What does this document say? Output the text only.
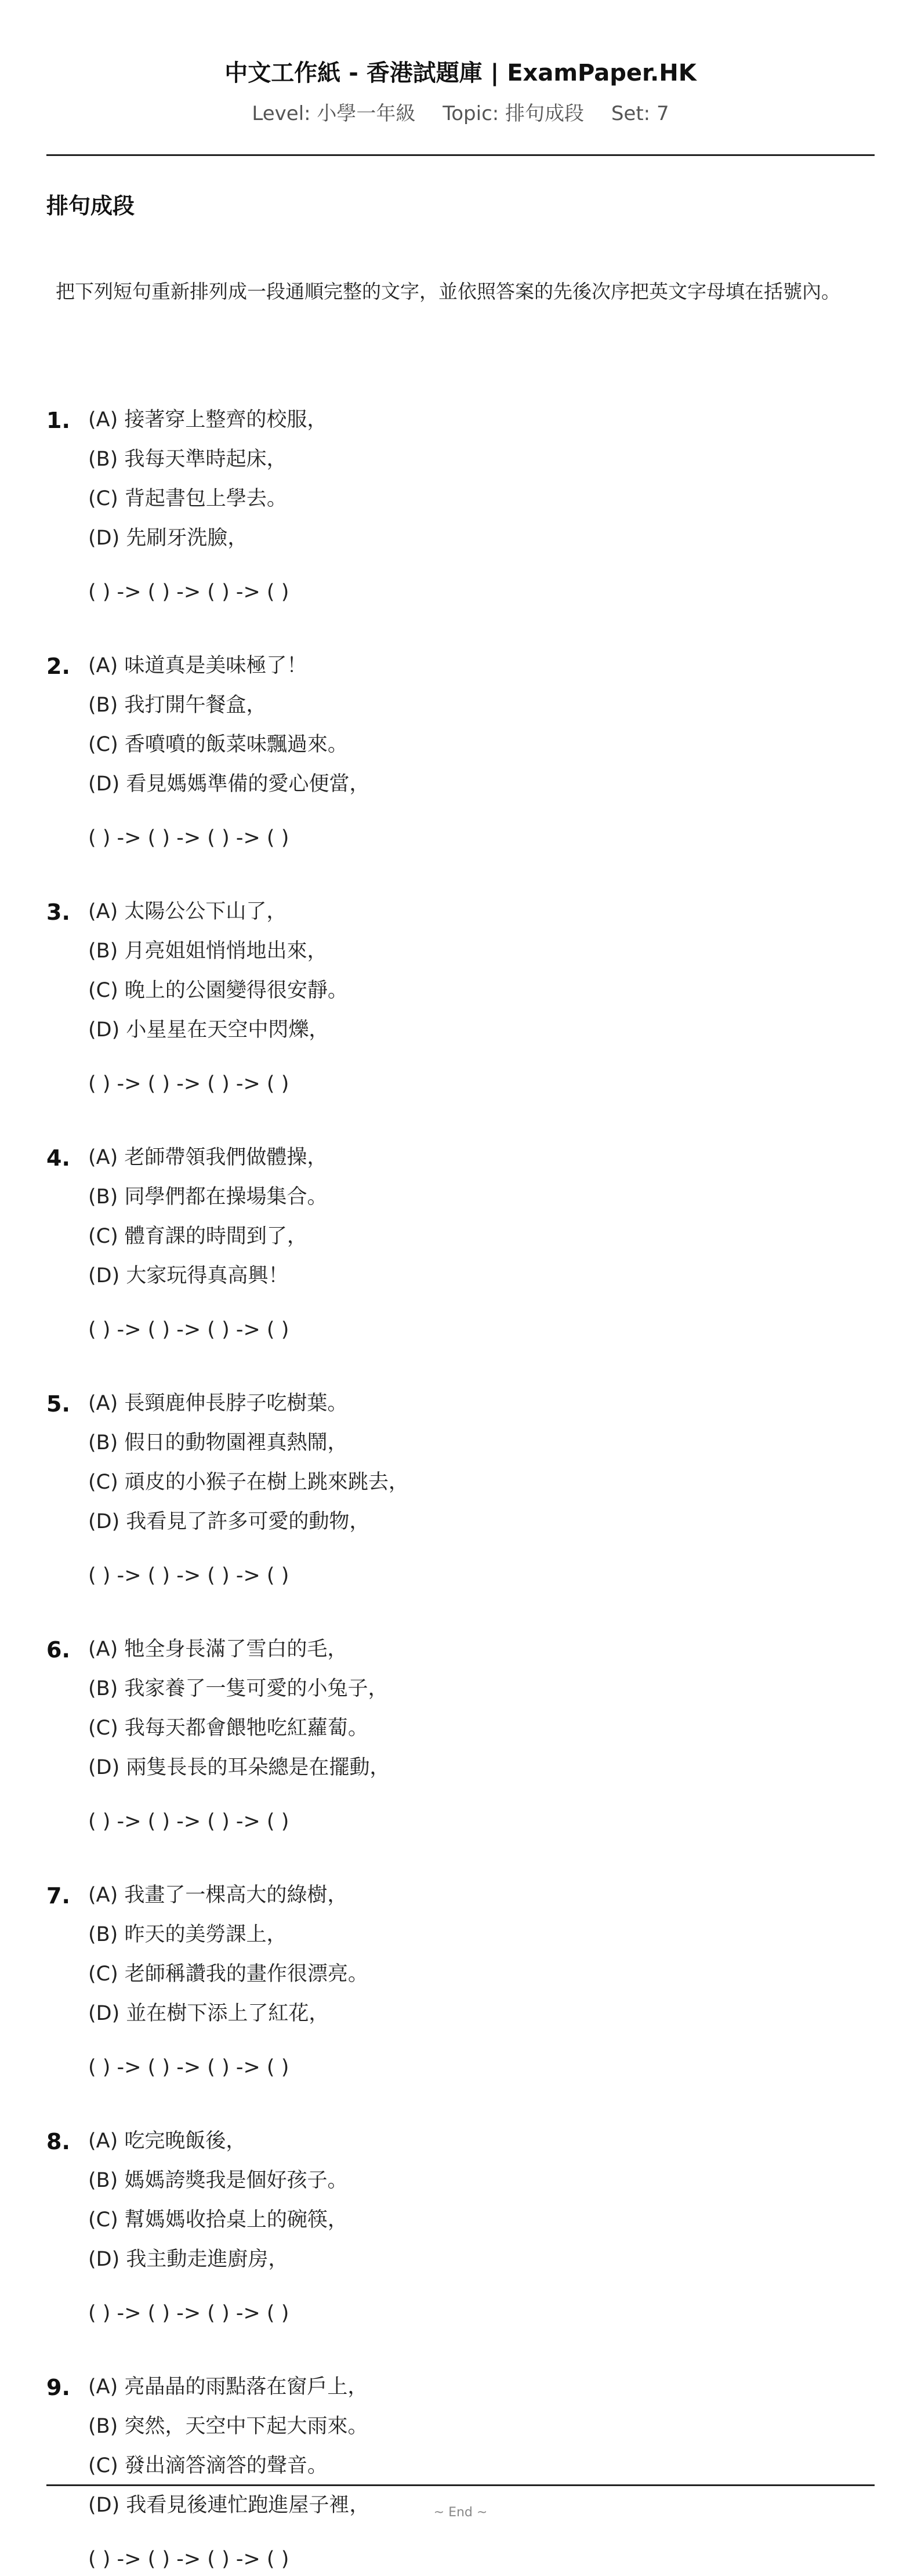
中文工作紙 - 香港試題庫 | ExamPaper.HK
Level: 小學一年級 Topic: 排句成段 Set: 7
排句成段
把下列短句重新排列成一段通順完整的文字，並依照答案的先後次序把英文字母填在括號內。
1. (A) 接著穿上整齊的校服，
(B) 我每天準時起床，
(C) 背起書包上學去。
(D) 先刷牙洗臉，
( ) -> ( ) -> ( ) -> ( )
2. (A) 味道真是美味極了！
(B) 我打開午餐盒，
(C) 香噴噴的飯菜味飄過來。
(D) 看見媽媽準備的愛心便當，
( ) -> ( ) -> ( ) -> ( )
3. (A) 太陽公公下山了，
(B) 月亮姐姐悄悄地出來，
(C) 晚上的公園變得很安靜。
(D) 小星星在天空中閃爍，
( ) -> ( ) -> ( ) -> ( )
4. (A) 老師帶領我們做體操，
(B) 同學們都在操場集合。
(C) 體育課的時間到了，
(D) 大家玩得真高興！
( ) -> ( ) -> ( ) -> ( )
5. (A) 長頸鹿伸長脖子吃樹葉。
(B) 假日的動物園裡真熱鬧，
(C) 頑皮的小猴子在樹上跳來跳去，
(D) 我看見了許多可愛的動物，
( ) -> ( ) -> ( ) -> ( )
6. (A) 牠全身長滿了雪白的毛，
(B) 我家養了一隻可愛的小兔子，
(C) 我每天都會餵牠吃紅蘿蔔。
(D) 兩隻長長的耳朵總是在擺動，
( ) -> ( ) -> ( ) -> ( )
7. (A) 我畫了一棵高大的綠樹，
(B) 昨天的美勞課上，
(C) 老師稱讚我的畫作很漂亮。
(D) 並在樹下添上了紅花，
( ) -> ( ) -> ( ) -> ( )
8. (A) 吃完晚飯後，
(B) 媽媽誇獎我是個好孩子。
(C) 幫媽媽收拾桌上的碗筷，
(D) 我主動走進廚房，
( ) -> ( ) -> ( ) -> ( )
9. (A) 亮晶晶的雨點落在窗戶上，
(B) 突然，天空中下起大雨來。
(C) 發出滴答滴答的聲音。
(D) 我看見後連忙跑進屋子裡，
( ) -> ( ) -> ( ) -> ( )
~ End ~
